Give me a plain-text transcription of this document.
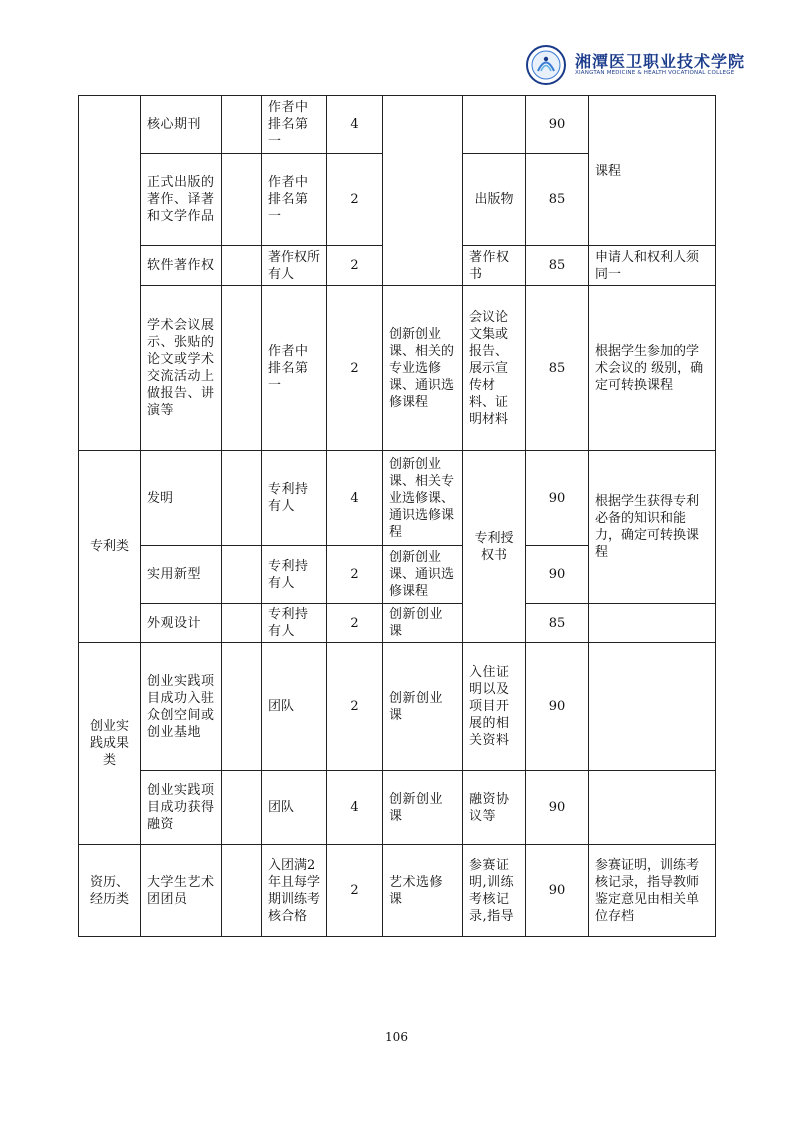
湘潭医卫职业技术学院
XIANGTAN MEDICINE & HEALTH VOCATIONAL COLLEGE
	核心期刊		作者中排名第一	4			90	课程
	正式出版的著作、译著和文学作品		作者中排名第一	2		出版物	85	
	软件著作权		著作权所有人	2		著作权书	85	申请人和权利人须同一
	学术会议展示、张贴的论文或学术交流活动上做报告、讲演等		作者中排名第一	2	创新创业课、相关的专业选修课、通识选修课程	会议论文集或报告、展示宣传材料、证明材料	85	根据学生参加的学术会议的 级别，确定可转换课程
专利类	发明		专利持有人	4	创新创业课、相关专业选修课、通识选修课程	专利授权书	90	根据学生获得专利必备的知识和能力，确定可转换课程
	实用新型		专利持有人	2	创新创业课、通识选修课程		90	
	外观设计		专利持有人	2	创新创业课		85	
创业实践成果类	创业实践项目成功入驻众创空间或创业基地		团队	2	创新创业课	入住证明以及项目开展的相关资料	90	
	创业实践项目成功获得融资		团队	4	创新创业课	融资协议等	90	
资历、经历类	大学生艺术团团员		入团满2年且每学期训练考核合格	2	艺术选修课	参赛证明,训练考核记录,指导	90	参赛证明，训练考核记录，指导教师鉴定意见由相关单位存档
106
